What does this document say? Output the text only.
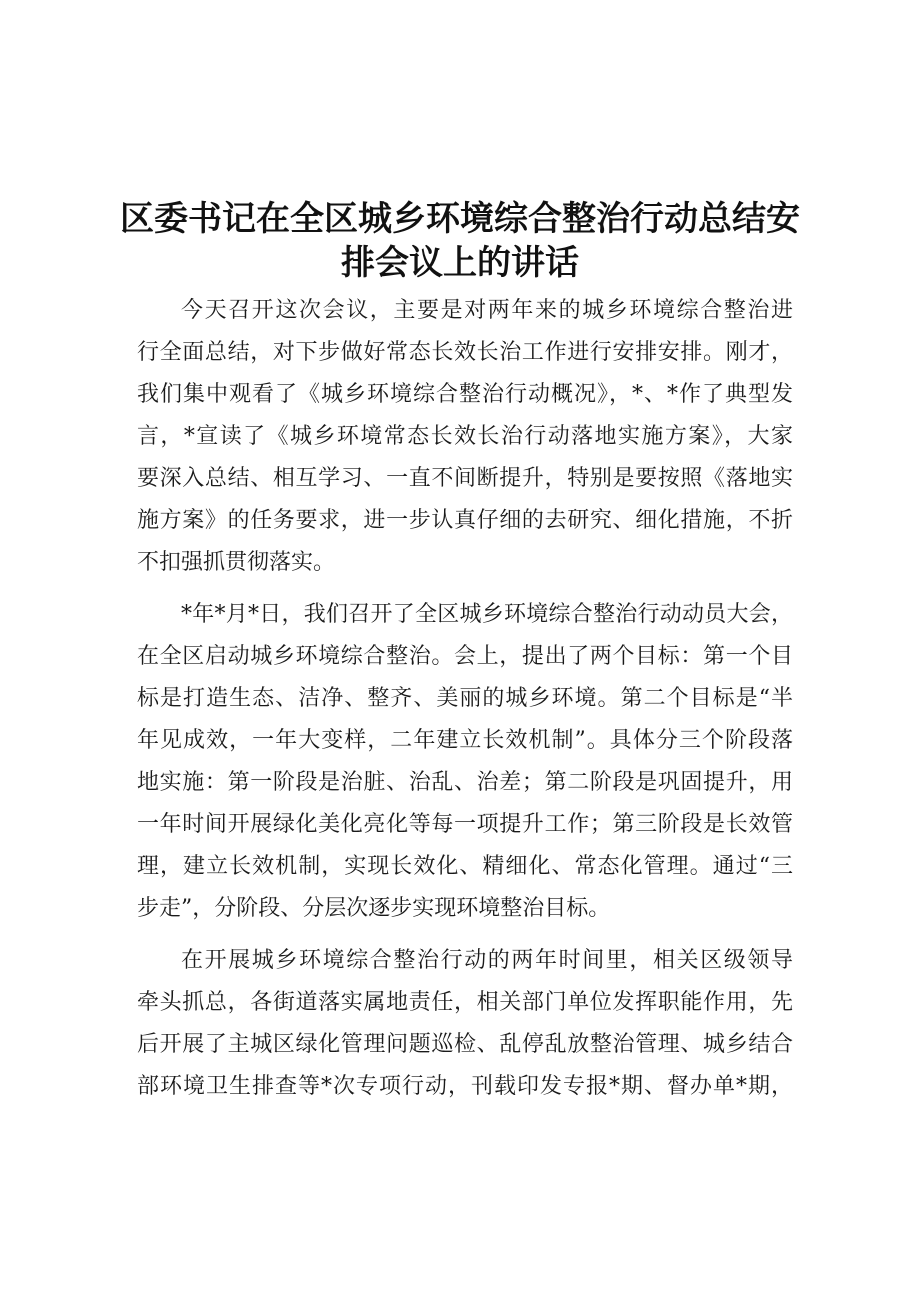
区委书记在全区城乡环境综合整治行动总结安
排会议上的讲话
今天召开这次会议，主要是对两年来的城乡环境综合整治进
行全面总结，对下步做好常态长效长治工作进行安排安排。刚才，
我们集中观看了《城乡环境综合整治行动概况》，*、*作了典型发
言，*宣读了《城乡环境常态长效长治行动落地实施方案》，大家
要深入总结、相互学习、一直不间断提升，特别是要按照《落地实
施方案》的任务要求，进一步认真仔细的去研究、细化措施，不折
不扣强抓贯彻落实。
*年*月*日，我们召开了全区城乡环境综合整治行动动员大会，
在全区启动城乡环境综合整治。会上，提出了两个目标：第一个目
标是打造生态、洁净、整齐、美丽的城乡环境。第二个目标是“半
年见成效，一年大变样，二年建立长效机制”。具体分三个阶段落
地实施：第一阶段是治脏、治乱、治差；第二阶段是巩固提升，用
一年时间开展绿化美化亮化等每一项提升工作；第三阶段是长效管
理，建立长效机制，实现长效化、精细化、常态化管理。通过“三
步走”，分阶段、分层次逐步实现环境整治目标。
在开展城乡环境综合整治行动的两年时间里，相关区级领导
牵头抓总，各街道落实属地责任，相关部门单位发挥职能作用，先
后开展了主城区绿化管理问题巡检、乱停乱放整治管理、城乡结合
部环境卫生排查等*次专项行动，刊载印发专报*期、督办单*期，
